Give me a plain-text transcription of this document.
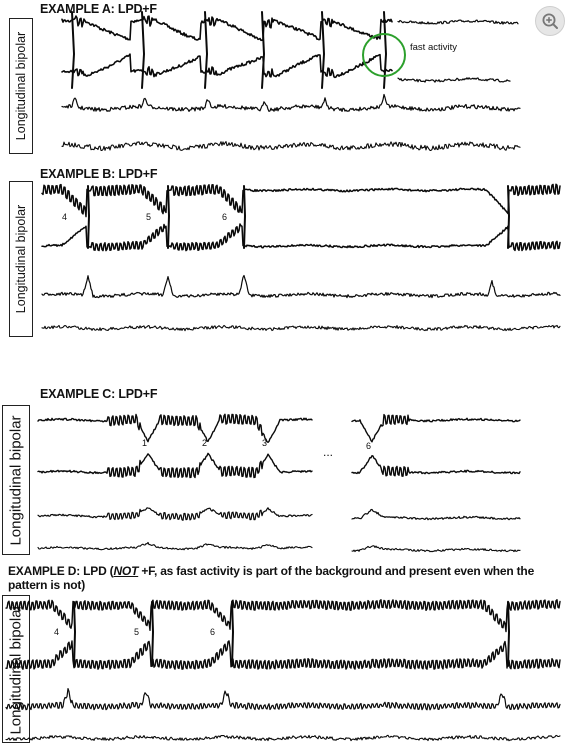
EXAMPLE A: LPD+F
EXAMPLE B: LPD+F
EXAMPLE C: LPD+F
EXAMPLE D: LPD (NOT +F, as fast activity is part of the background and present even when the pattern is not)
Longitudinal bipolar
Longitudinal bipolar
Longitudinal bipolar
Longitudinal bipolar
fast activity
4	5	6
1	2	3	6
...
4	5	6
